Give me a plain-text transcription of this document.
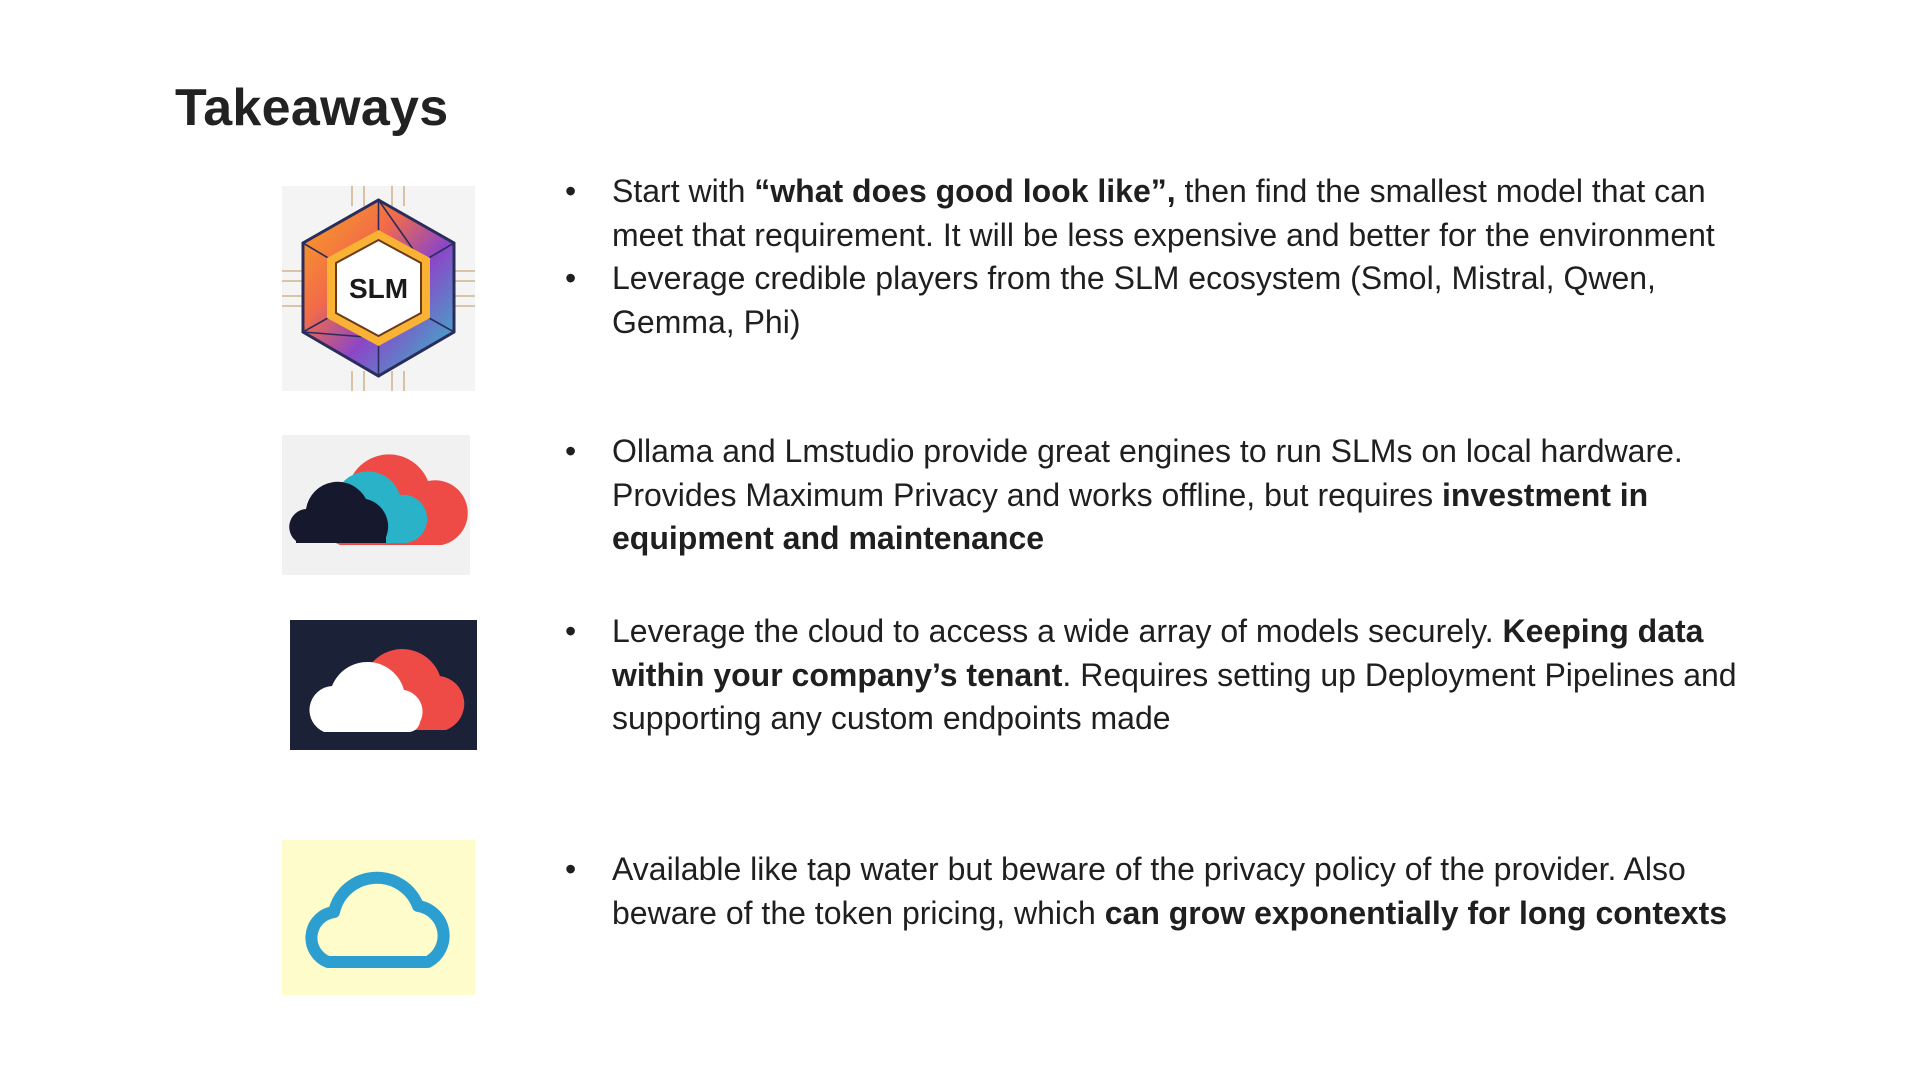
Takeaways
SLM
• Start with “what does good look like”, then find the smallest model that can meet that requirement. It will be less expensive and better for the environment
• Leverage credible players from the SLM ecosystem (Smol, Mistral, Qwen, Gemma, Phi)
• Ollama and Lmstudio provide great engines to run SLMs on local hardware. Provides Maximum Privacy and works offline, but requires investment in equipment and maintenance
• Leverage the cloud to access a wide array of models securely. Keeping data within your company’s tenant. Requires setting up Deployment Pipelines and supporting any custom endpoints made
• Available like tap water but beware of the privacy policy of the provider. Also beware of the token pricing, which can grow exponentially for long contexts
